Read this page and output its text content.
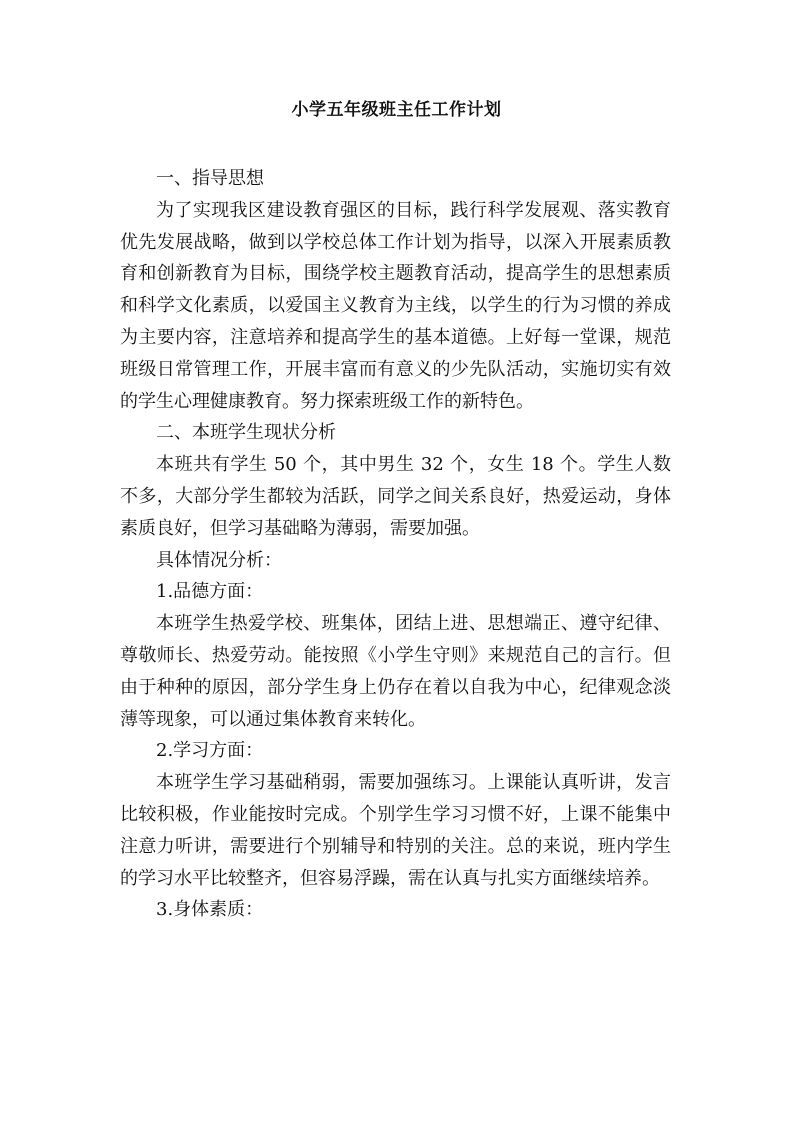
小学五年级班主任工作计划

一、指导思想

为了实现我区建设教育强区的目标，践行科学发展观、落实教育优先发展战略，做到以学校总体工作计划为指导，以深入开展素质教育和创新教育为目标，围绕学校主题教育活动，提高学生的思想素质和科学文化素质，以爱国主义教育为主线，以学生的行为习惯的养成为主要内容，注意培养和提高学生的基本道德。上好每一堂课，规范班级日常管理工作，开展丰富而有意义的少先队活动，实施切实有效的学生心理健康教育。努力探索班级工作的新特色。

二、本班学生现状分析

本班共有学生 50 个，其中男生 32 个，女生 18 个。学生人数不多，大部分学生都较为活跃，同学之间关系良好，热爱运动，身体素质良好，但学习基础略为薄弱，需要加强。

具体情况分析：

1.品德方面：

本班学生热爱学校、班集体，团结上进、思想端正、遵守纪律、尊敬师长、热爱劳动。能按照《小学生守则》来规范自己的言行。但由于种种的原因，部分学生身上仍存在着以自我为中心，纪律观念淡薄等现象，可以通过集体教育来转化。

2.学习方面：

本班学生学习基础稍弱，需要加强练习。上课能认真听讲，发言比较积极，作业能按时完成。个别学生学习习惯不好，上课不能集中注意力听讲，需要进行个别辅导和特别的关注。总的来说，班内学生的学习水平比较整齐，但容易浮躁，需在认真与扎实方面继续培养。

3.身体素质：
